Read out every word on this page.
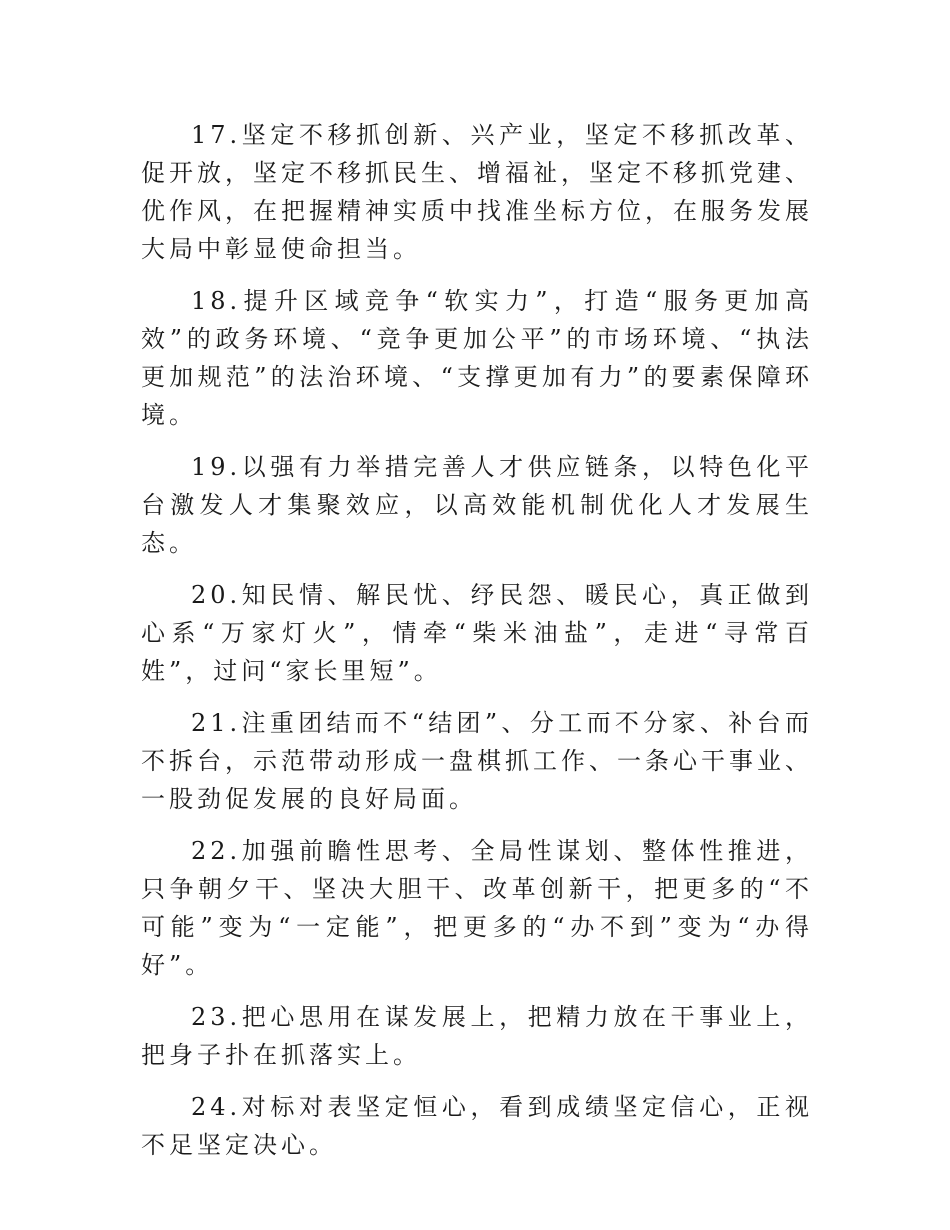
17.坚定不移抓创新、兴产业，坚定不移抓改革、促开放，坚定不移抓民生、增福祉，坚定不移抓党建、优作风，在把握精神实质中找准坐标方位，在服务发展大局中彰显使命担当。

18.提升区域竞争“软实力”，打造“服务更加高效”的政务环境、“竞争更加公平”的市场环境、“执法更加规范”的法治环境、“支撑更加有力”的要素保障环境。

19.以强有力举措完善人才供应链条，以特色化平台激发人才集聚效应，以高效能机制优化人才发展生态。

20.知民情、解民忧、纾民怨、暖民心，真正做到心系“万家灯火”，情牵“柴米油盐”，走进“寻常百姓”，过问“家长里短”。

21.注重团结而不“结团”、分工而不分家、补台而不拆台，示范带动形成一盘棋抓工作、一条心干事业、一股劲促发展的良好局面。

22.加强前瞻性思考、全局性谋划、整体性推进，只争朝夕干、坚决大胆干、改革创新干，把更多的“不可能”变为“一定能”，把更多的“办不到”变为“办得好”。

23.把心思用在谋发展上，把精力放在干事业上，把身子扑在抓落实上。

24.对标对表坚定恒心，看到成绩坚定信心，正视不足坚定决心。
